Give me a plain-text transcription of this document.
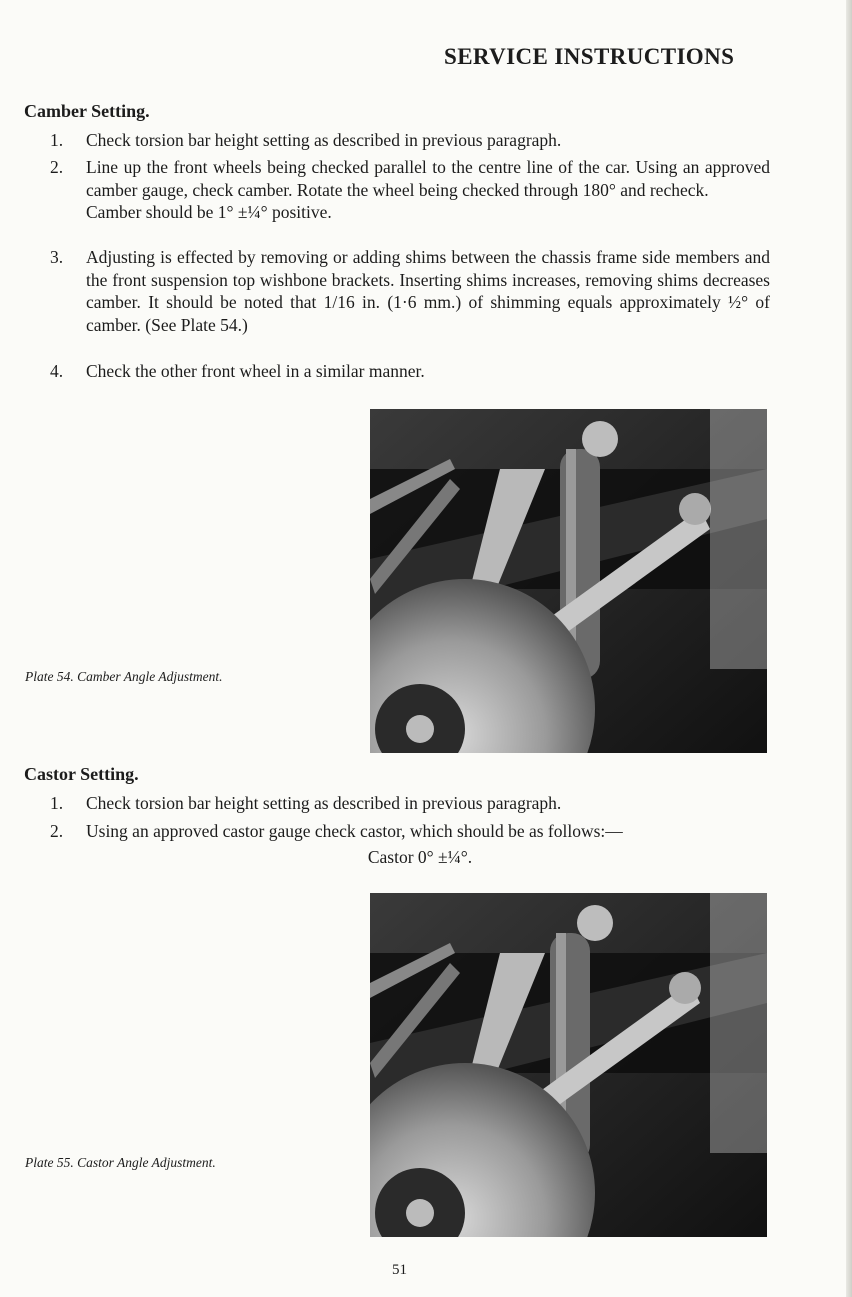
SERVICE INSTRUCTIONS
Camber Setting.
1.	Check torsion bar height setting as described in previous paragraph.
2.	Line up the front wheels being checked parallel to the centre line of the car. Using an approved camber gauge, check camber. Rotate the wheel being checked through 180° and recheck.
Camber should be 1° ±¼° positive.
3.	Adjusting is effected by removing or adding shims between the chassis frame side members and the front suspension top wishbone brackets. Inserting shims increases, removing shims decreases camber. It should be noted that 1/16 in. (1·6 mm.) of shimming equals approximately ½° of camber. (See Plate 54.)
4.	Check the other front wheel in a similar manner.
Plate 54. Camber Angle Adjustment.
Castor Setting.
1.	Check torsion bar height setting as described in previous paragraph.
2.	Using an approved castor gauge check castor, which should be as follows:—
Castor 0° ±¼°.
Plate 55. Castor Angle Adjustment.
51
